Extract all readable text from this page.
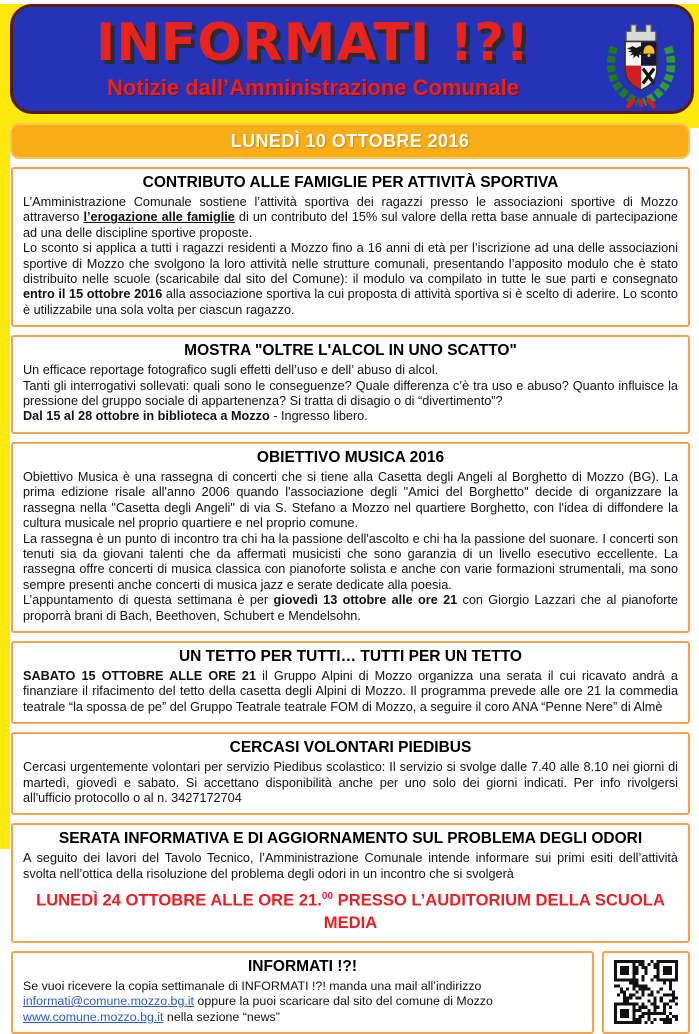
INFORMATI !?!
Notizie dall’Amministrazione Comunale
LUNEDÌ 10 OTTOBRE 2016
CONTRIBUTO ALLE FAMIGLIE PER ATTIVITÀ SPORTIVA

L’Amministrazione Comunale sostiene l’attività sportiva dei ragazzi presso le associazioni sportive di Mozzo attraverso l’erogazione alle famiglie di un contributo del 15% sul valore della retta base annuale di partecipazione ad una delle discipline sportive proposte.

Lo sconto si applica a tutti i ragazzi residenti a Mozzo fino a 16 anni di età per l’iscrizione ad una delle associazioni sportive di Mozzo che svolgono la loro attività nelle strutture comunali, presentando l’apposito modulo che è stato distribuito nelle scuole (scaricabile dal sito del Comune): il modulo va compilato in tutte le sue parti e consegnato entro il 15 ottobre 2016 alla associazione sportiva la cui proposta di attività sportiva si è scelto di aderire. Lo sconto è utilizzabile una sola volta per ciascun ragazzo.

MOSTRA "OLTRE L'ALCOL IN UNO SCATTO"

Un efficace reportage fotografico sugli effetti dell’uso e dell’ abuso di alcol.

Tanti gli interrogativi sollevati: quali sono le conseguenze? Quale differenza c’è tra uso e abuso? Quanto influisce la pressione del gruppo sociale di appartenenza? Si tratta di disagio o di “divertimento”?

Dal 15 al 28 ottobre in biblioteca a Mozzo - Ingresso libero.

OBIETTIVO MUSICA 2016

Obiettivo Musica è una rassegna di concerti che si tiene alla Casetta degli Angeli al Borghetto di Mozzo (BG). La prima edizione risale all'anno 2006 quando l'associazione degli "Amici del Borghetto" decide di organizzare la rassegna nella "Casetta degli Angeli" di via S. Stefano a Mozzo nel quartiere Borghetto, con l'idea di diffondere la cultura musicale nel proprio quartiere e nel proprio comune.

La rassegna è un punto di incontro tra chi ha la passione dell'ascolto e chi ha la passione del suonare. I concerti son tenuti sia da giovani talenti che da affermati musicisti che sono garanzia di un livello esecutivo eccellente. La rassegna offre concerti di musica classica con pianoforte solista e anche con varie formazioni strumentali, ma sono sempre presenti anche concerti di musica jazz e serate dedicate alla poesia.

L’appuntamento di questa settimana è per giovedì 13 ottobre alle ore 21 con Giorgio Lazzari che al pianoforte proporrà brani di Bach, Beethoven, Schubert e Mendelsohn.

UN TETTO PER TUTTI… TUTTI PER UN TETTO

SABATO 15 OTTOBRE ALLE ORE 21 il Gruppo Alpini di Mozzo organizza una serata il cui ricavato andrà a finanziare il rifacimento del tetto della casetta degli Alpini di Mozzo. Il programma prevede alle ore 21 la commedia teatrale “la spossa de pe” del Gruppo Teatrale teatrale FOM di Mozzo, a seguire il coro ANA “Penne Nere” di Almè

CERCASI VOLONTARI PIEDIBUS

Cercasi urgentemente volontari per servizio Piedibus scolastico: Il servizio si svolge dalle 7.40 alle 8.10 nei giorni di martedì, giovedì e sabato. Si accettano disponibilità anche per uno solo dei giorni indicati. Per info rivolgersi all'ufficio protocollo o al n. 3427172704

SERATA INFORMATIVA E DI AGGIORNAMENTO SUL PROBLEMA DEGLI ODORI

A seguito dei lavori del Tavolo Tecnico, l’Amministrazione Comunale intende informare sui primi esiti dell’attività svolta nell’ottica della risoluzione del problema degli odori in un incontro che si svolgerà

LUNEDÌ 24 OTTOBRE ALLE ORE 21.00 PRESSO L’AUDITORIUM DELLA SCUOLA MEDIA

INFORMATI !?!

Se vuoi ricevere la copia settimanale di INFORMATI !?! manda una mail all’indirizzo informati@comune.mozzo.bg.it oppure la puoi scaricare dal sito del comune di Mozzo www.comune.mozzo.bg.it nella sezione “news”
